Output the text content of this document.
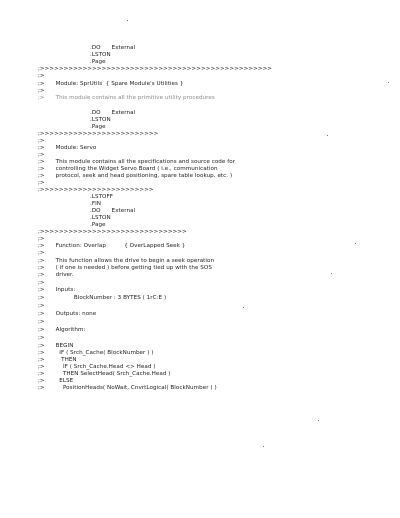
.DO      External
.LSTON
.Page
;>>>>>>>>>>>>>>>>>>>>>>>>>>>>>>>>>>>>>>>>>>>>>>>>>
;>
;>      Module: SprUtils  { Spare Module's Utilities }
;>
;>      This module contains all the primitive utility procedures
.DO      External
.LSTON
.Page
;>>>>>>>>>>>>>>>>>>>>>>>>>
;>
;>      Module: Servo
;>
;>      This module contains all the specifications and source code for
;>      controlling the Widget Servo Board ( i.e., communication
;>      protocol, seek and head positioning, spare table lookup, etc. )
;>
;>>>>>>>>>>>>>>>>>>>>>>>>
.LSTOFF
.FIN
.DO      External
.LSTON
.Page
;>>>>>>>>>>>>>>>>>>>>>>>>>>>>>>>
;>
;>      Function: Overlap          { OverLapped Seek }
;>
;>      This function allows the drive to begin a seek operation
;>      ( if one is needed ) before getting tied up with the SOS
;>      driver.
;>
;>      Inputs:
;>                BlockNumber : 3 BYTES ( 1rC:E )
;>
;>      Outputs: none
;>
;>      Algorithm:
;>
;>      BEGIN
;>        IF ( Srch_Cache( BlockNumber ) )
;>         THEN
;>          IF ( Srch_Cache.Head <> Head )
;>          THEN SelectHead( Srch_Cache.Head )
;>        ELSE
;>          PositionHeads( NoWait, CnvrtLogical( BlockNumber ) )
